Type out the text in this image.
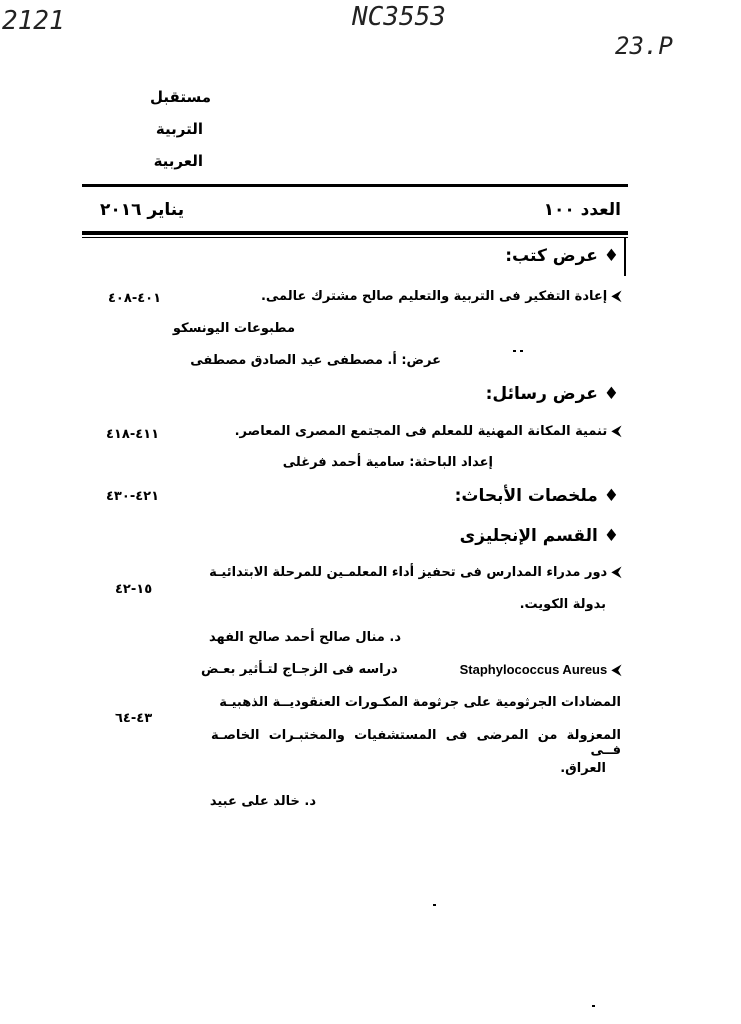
2121	NC3553
23.P
مستقبل
التربية
العربية
العدد ١٠٠
يناير ٢٠١٦
♦ عرض كتب:
⮜ إعادة التفكير فى التربية والتعليم صالح مشترك عالمى.
٤٠١-٤٠٨
مطبوعات اليونسكو
عرض: أ. مصطفى عيد الصادق مصطفى
♦ عرض رسائل:
⮜ تنمية المكانة المهنية للمعلم فى المجتمع المصرى المعاصر.
٤١١-٤١٨
إعداد الباحثة: سامية أحمد فرغلى
♦ ملخصات الأبحاث:
٤٢١-٤٣٠
♦ القسم الإنجليزى
⮜ دور مدراء المدارس فى تحفيز أداء المعلمـين للمرحلة الابتدائيـة
بدولة الكويت.
١٥-٤٢
د. منال صالح أحمد صالح الفهد
⮜ Staphylococcus Aureus
دراسه فى الزجـاج لتـأثير بعـض
المضادات الجرثومية على جرثومة المكـورات العنقوديــة الذهبيـة
المعزولة من المرضى فى المستشفيات والمختبـرات الخاصـة فــى
العراق.
٤٣-٦٤
د. خالد على عبيد
